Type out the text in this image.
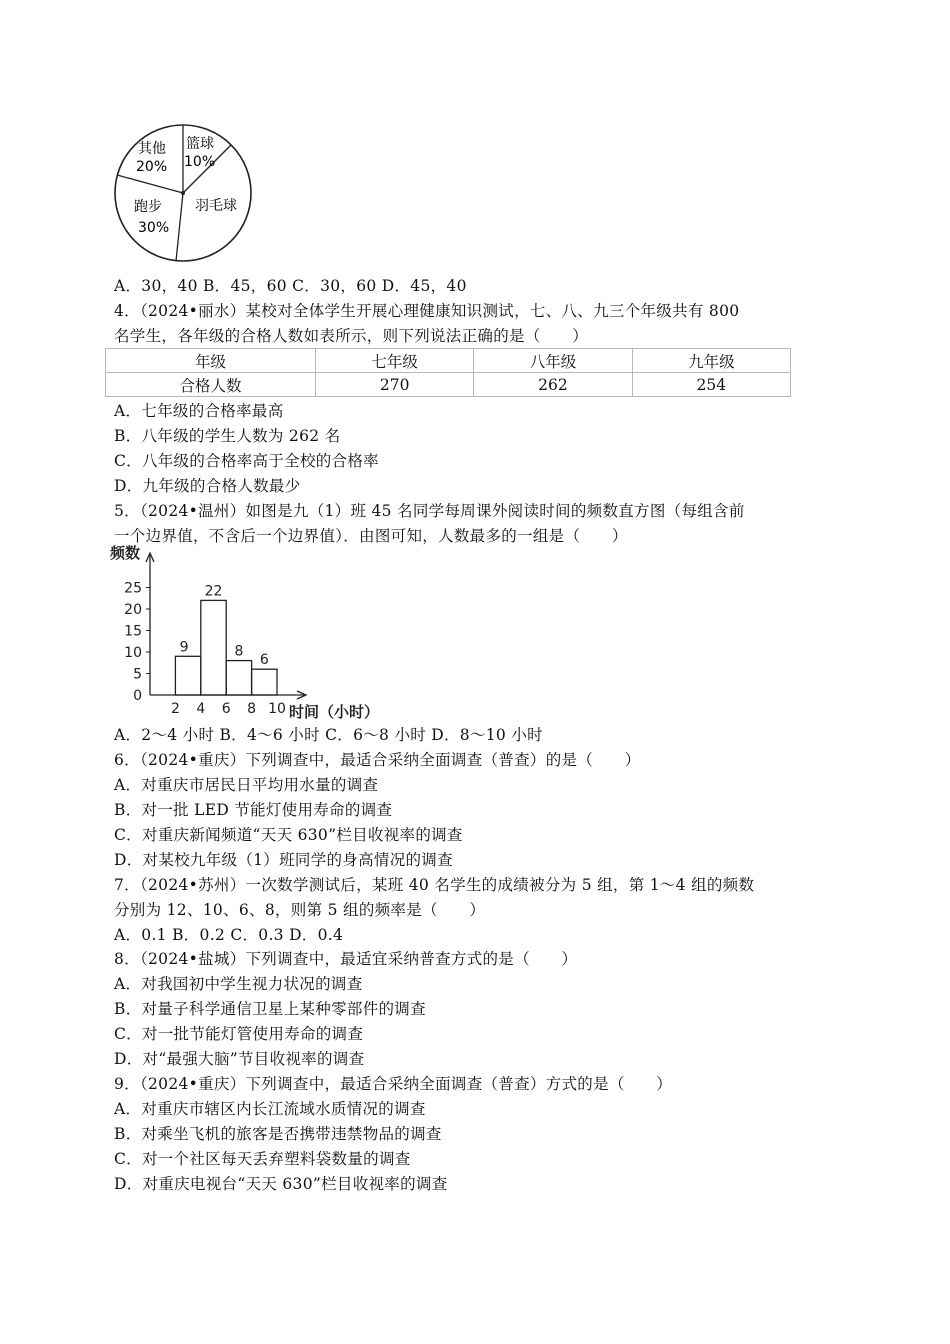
篮球
10%
羽毛球
跑步
30%
其他
20%
A．30，40 B．45，60 C．30，60 D．45，40
4．（2024•丽水）某校对全体学生开展心理健康知识测试，七、八、九三个年级共有 800
名学生，各年级的合格人数如表所示，则下列说法正确的是（　　）
年级	七年级	八年级	九年级
合格人数	270	262	254
A．七年级的合格率最高
B．八年级的学生人数为 262 名
C．八年级的合格率高于全校的合格率
D．九年级的合格人数最少
5．（2024•温州）如图是九（1）班 45 名同学每周课外阅读时间的频数直方图（每组含前
一个边界值，不含后一个边界值）．由图可知，人数最多的一组是（　　）
0
5
10
15
20
25
2 4 6 8 10
9
22
8
6
频数
时间（小时）
A．2～4 小时 B．4～6 小时 C．6～8 小时 D．8～10 小时
6．（2024•重庆）下列调查中，最适合采纳全面调查（普查）的是（　　）
A．对重庆市居民日平均用水量的调查
B．对一批 LED 节能灯使用寿命的调查
C．对重庆新闻频道“天天 630”栏目收视率的调查
D．对某校九年级（1）班同学的身高情况的调查
7．（2024•苏州）一次数学测试后，某班 40 名学生的成绩被分为 5 组，第 1～4 组的频数
分别为 12、10、6、8，则第 5 组的频率是（　　）
A．0.1 B．0.2 C．0.3 D．0.4
8．（2024•盐城）下列调查中，最适宜采纳普查方式的是（　　）
A．对我国初中学生视力状况的调查
B．对量子科学通信卫星上某种零部件的调查
C．对一批节能灯管使用寿命的调查
D．对“最强大脑”节目收视率的调查
9．（2024•重庆）下列调查中，最适合采纳全面调查（普查）方式的是（　　）
A．对重庆市辖区内长江流域水质情况的调查
B．对乘坐飞机的旅客是否携带违禁物品的调查
C．对一个社区每天丢弃塑料袋数量的调查
D．对重庆电视台“天天 630”栏目收视率的调查
